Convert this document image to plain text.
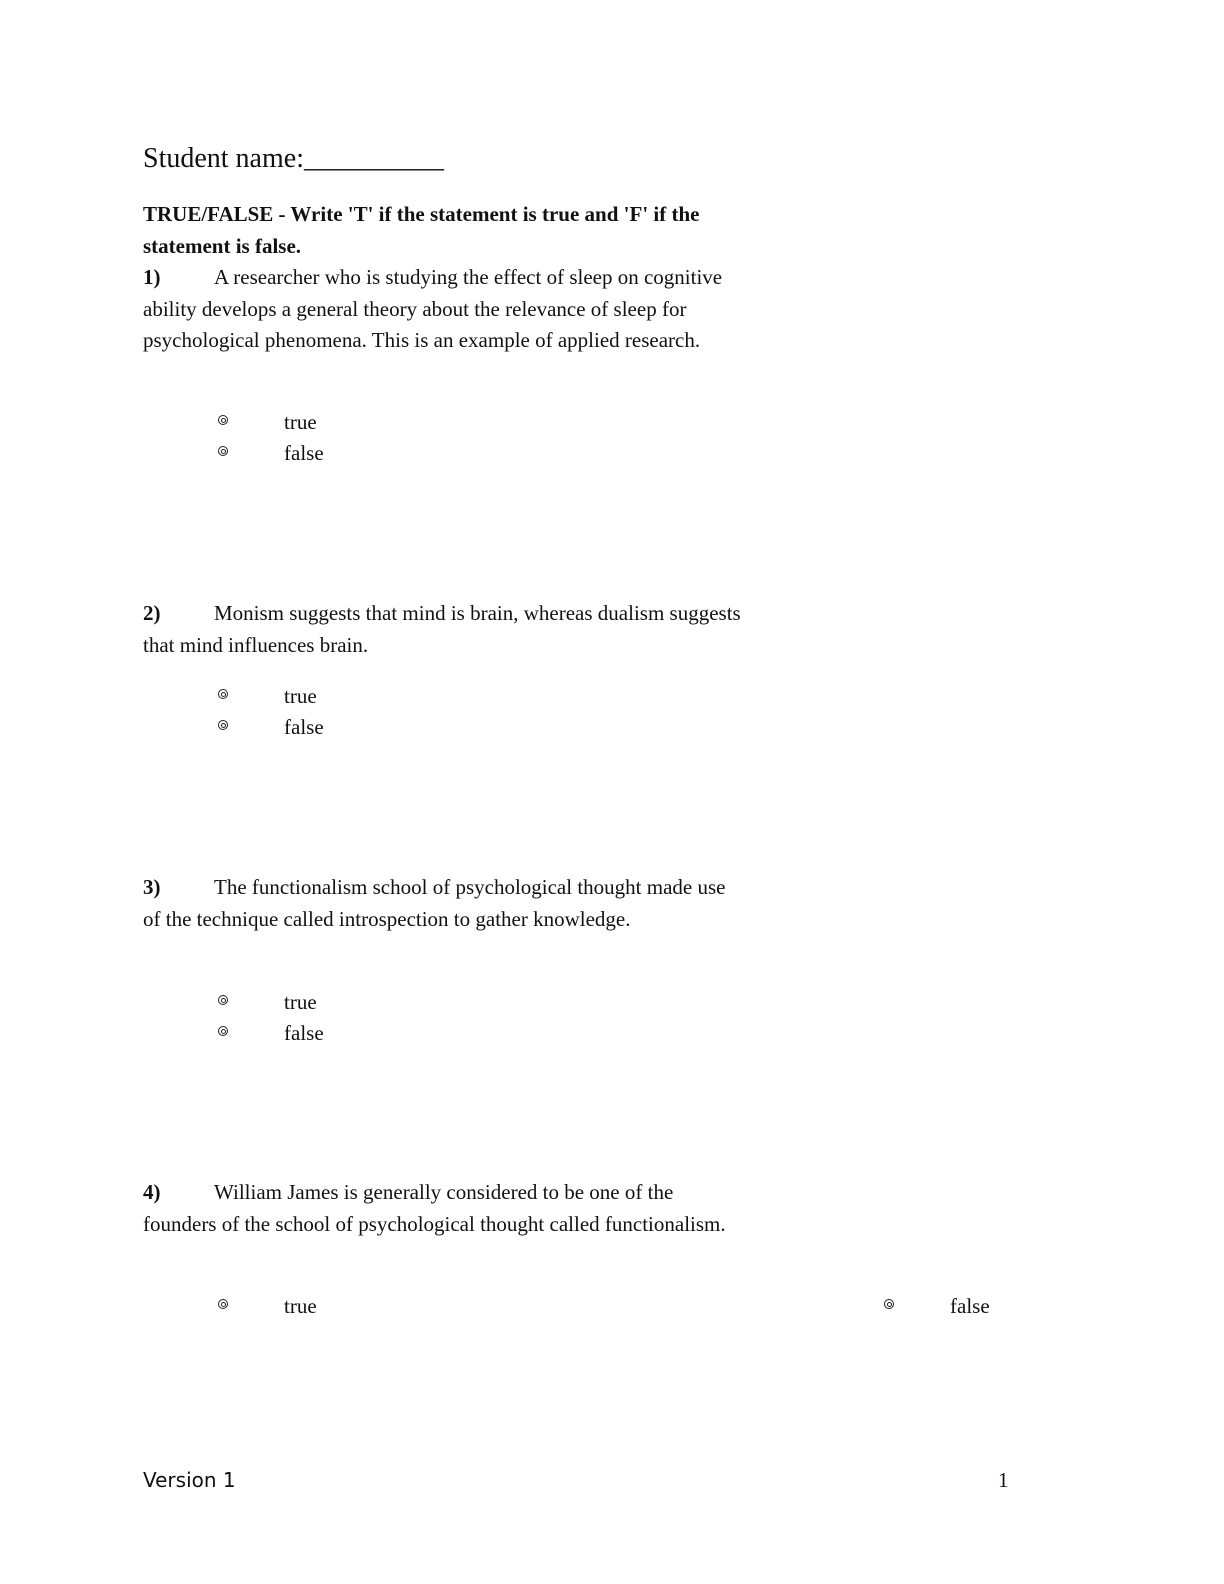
Student name:__________
TRUE/FALSE - Write 'T' if the statement is true and 'F' if the statement is false.
1)	A researcher who is studying the effect of sleep on cognitive ability develops a general theory about the relevance of sleep for psychological phenomena. This is an example of applied research.
true
false
2)	Monism suggests that mind is brain, whereas dualism suggests that mind influences brain.
true
false
3)	The functionalism school of psychological thought made use of the technique called introspection to gather knowledge.
true
false
4)	William James is generally considered to be one of the founders of the school of psychological thought called functionalism.
true	false
Version 1	1
